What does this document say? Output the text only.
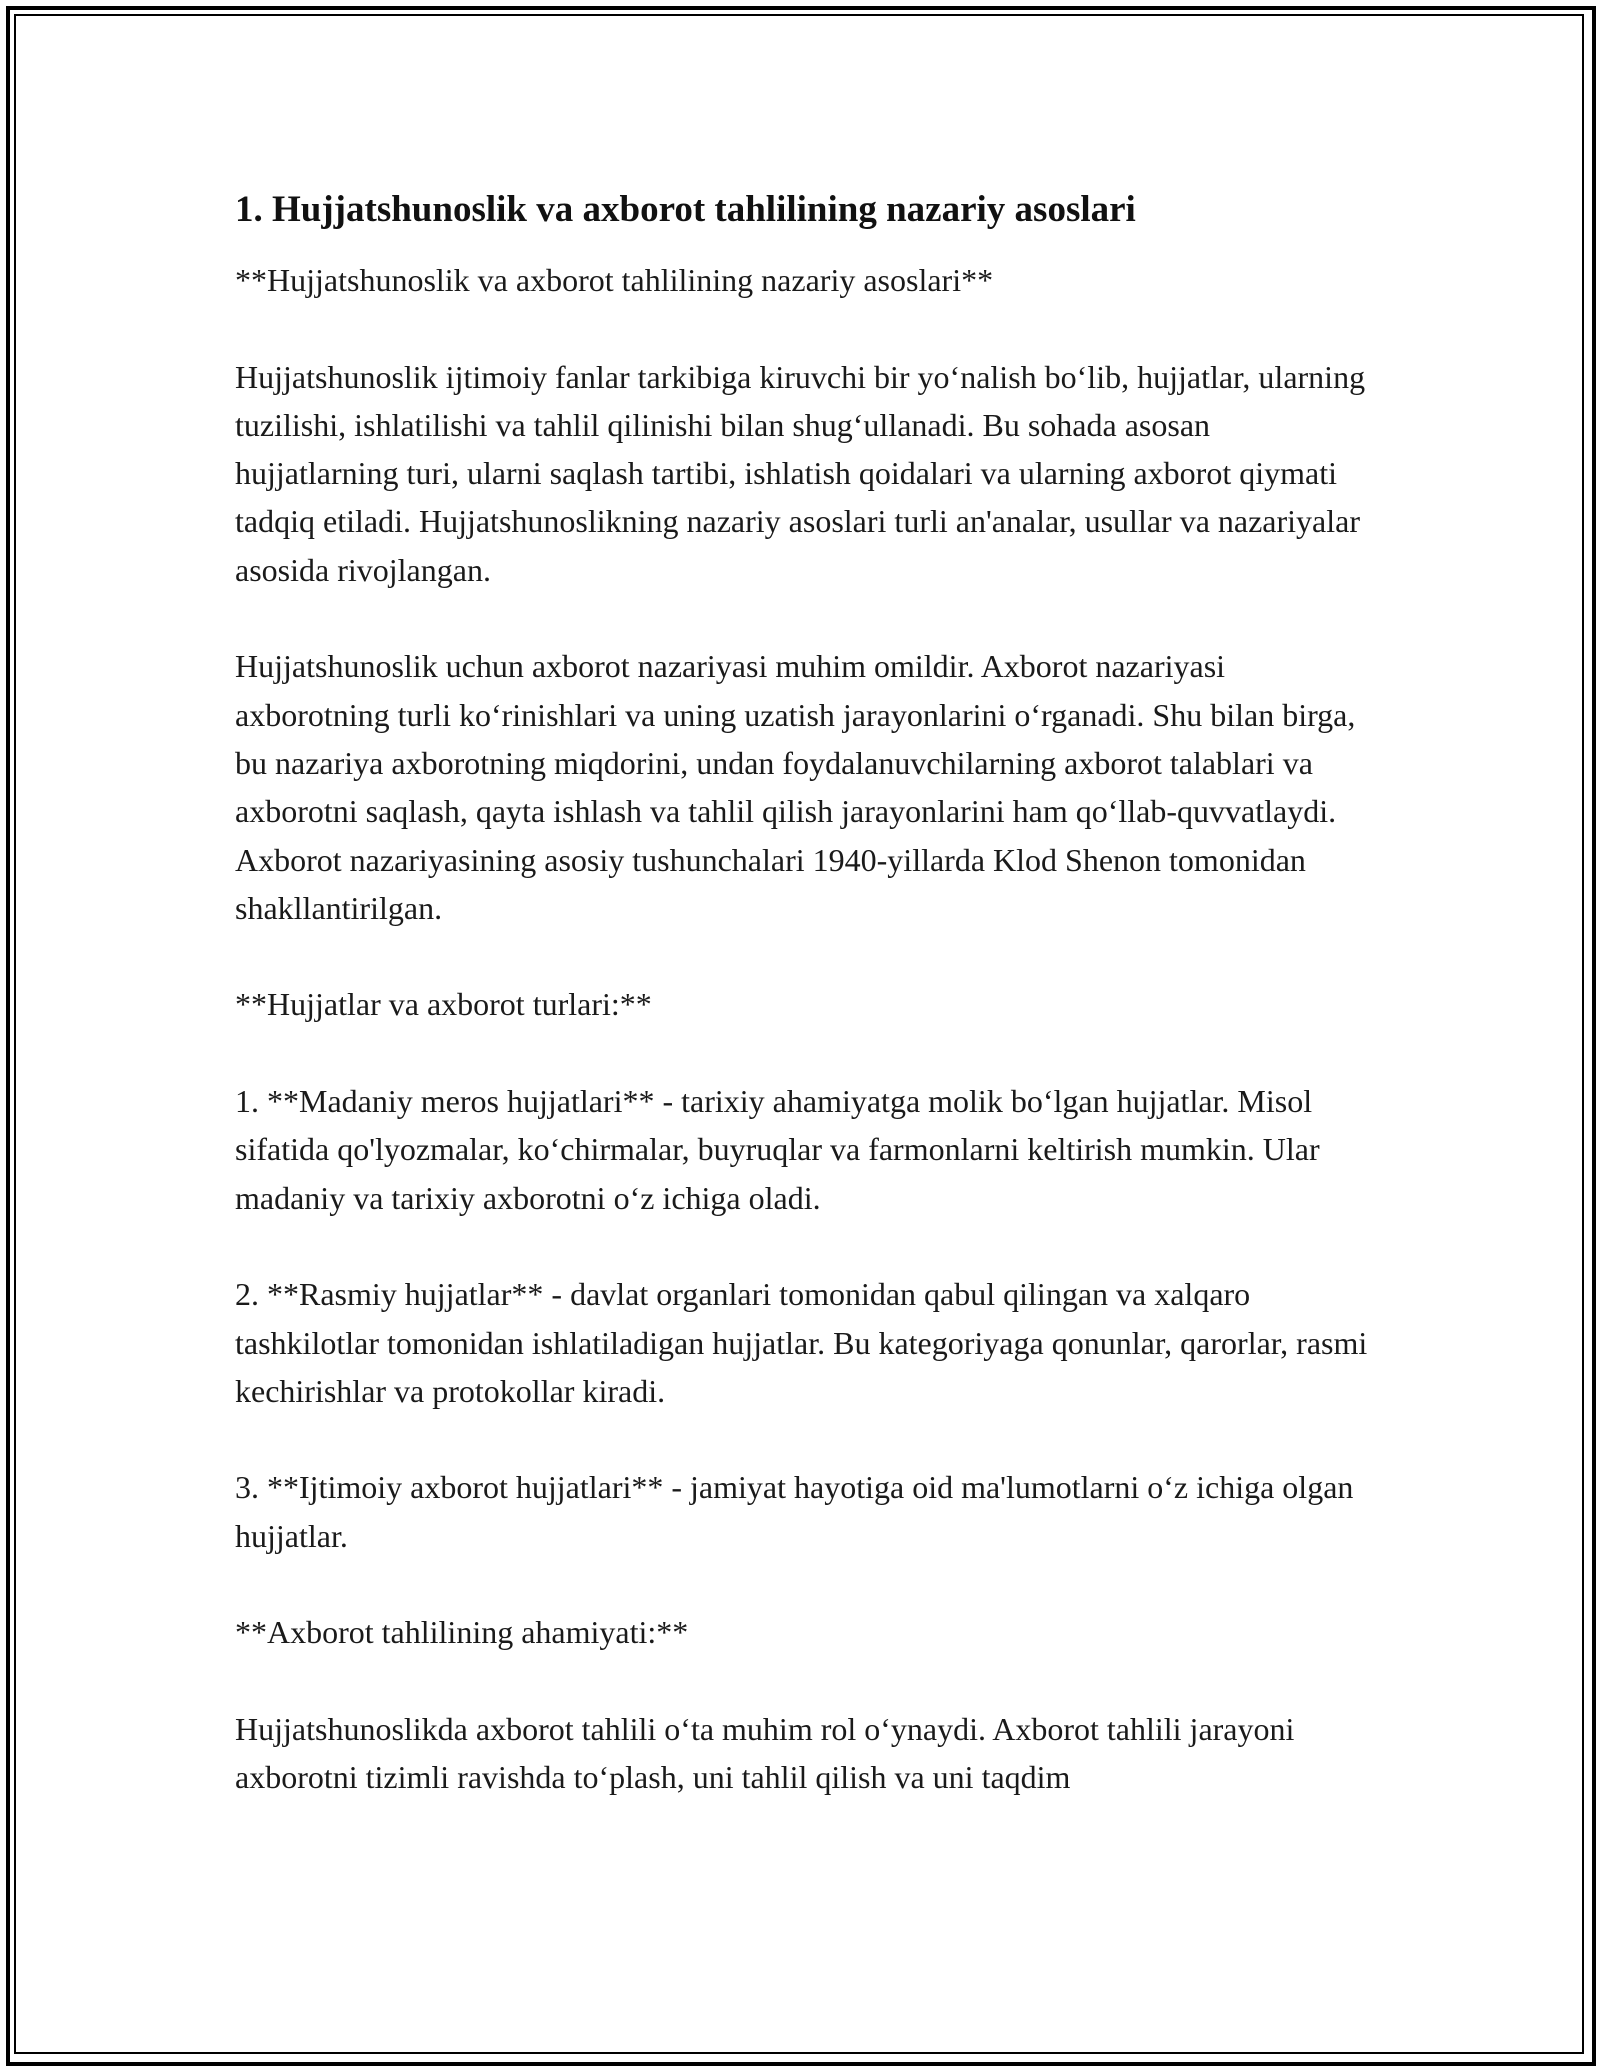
1. Hujjatshunoslik va axborot tahlilining nazariy asoslari

**Hujjatshunoslik va axborot tahlilining nazariy asoslari**

Hujjatshunoslik ijtimoiy fanlar tarkibiga kiruvchi bir yo‘nalish bo‘lib, hujjatlar, ularning tuzilishi, ishlatilishi va tahlil qilinishi bilan shug‘ullanadi. Bu sohada asosan hujjatlarning turi, ularni saqlash tartibi, ishlatish qoidalari va ularning axborot qiymati tadqiq etiladi. Hujjatshunoslikning nazariy asoslari turli an'analar, usullar va nazariyalar asosida rivojlangan.

Hujjatshunoslik uchun axborot nazariyasi muhim omildir. Axborot nazariyasi axborotning turli ko‘rinishlari va uning uzatish jarayonlarini o‘rganadi. Shu bilan birga, bu nazariya axborotning miqdorini, undan foydalanuvchilarning axborot talablari va axborotni saqlash, qayta ishlash va tahlil qilish jarayonlarini ham qo‘llab-quvvatlaydi. Axborot nazariyasining asosiy tushunchalari 1940-yillarda Klod Shenon tomonidan shakllantirilgan.

**Hujjatlar va axborot turlari:**

1. **Madaniy meros hujjatlari** - tarixiy ahamiyatga molik bo‘lgan hujjatlar. Misol sifatida qo'lyozmalar, ko‘chirmalar, buyruqlar va farmonlarni keltirish mumkin. Ular madaniy va tarixiy axborotni o‘z ichiga oladi.

2. **Rasmiy hujjatlar** - davlat organlari tomonidan qabul qilingan va xalqaro tashkilotlar tomonidan ishlatiladigan hujjatlar. Bu kategoriyaga qonunlar, qarorlar, rasmi kechirishlar va protokollar kiradi.

3. **Ijtimoiy axborot hujjatlari** - jamiyat hayotiga oid ma'lumotlarni o‘z ichiga olgan hujjatlar.

**Axborot tahlilining ahamiyati:**

Hujjatshunoslikda axborot tahlili o‘ta muhim rol o‘ynaydi. Axborot tahlili jarayoni axborotni tizimli ravishda to‘plash, uni tahlil qilish va uni taqdim
